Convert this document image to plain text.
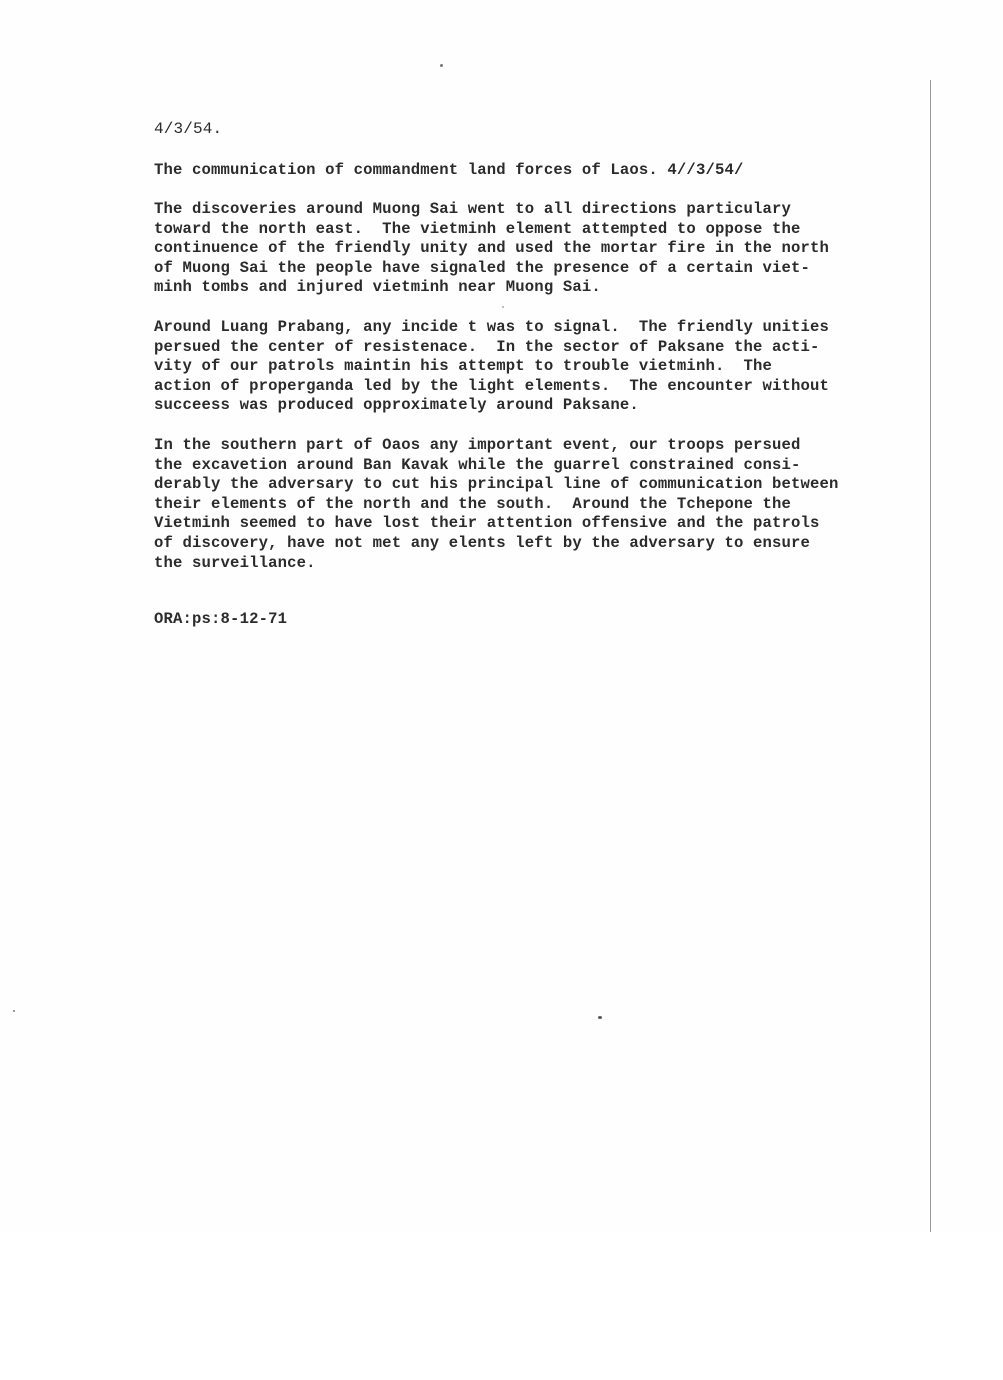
4/3/54.
The communication of commandment land forces of Laos. 4//3/54/
The discoveries around Muong Sai went to all directions particulary
toward the north east.  The vietminh element attempted to oppose the
continuence of the friendly unity and used the mortar fire in the north
of Muong Sai the people have signaled the presence of a certain viet-
minh tombs and injured vietminh near Muong Sai.
Around Luang Prabang, any incide t was to signal.  The friendly unities
persued the center of resistenace.  In the sector of Paksane the acti-
vity of our patrols maintin his attempt to trouble vietminh.  The
action of properganda led by the light elements.  The encounter without
succeess was produced opproximately around Paksane.
In the southern part of Oaos any important event, our troops persued
the excavetion around Ban Kavak while the guarrel constrained consi-
derably the adversary to cut his principal line of communication between
their elements of the north and the south.  Around the Tchepone the
Vietminh seemed to have lost their attention offensive and the patrols
of discovery, have not met any elents left by the adversary to ensure
the surveillance.
ORA:ps:8-12-71
